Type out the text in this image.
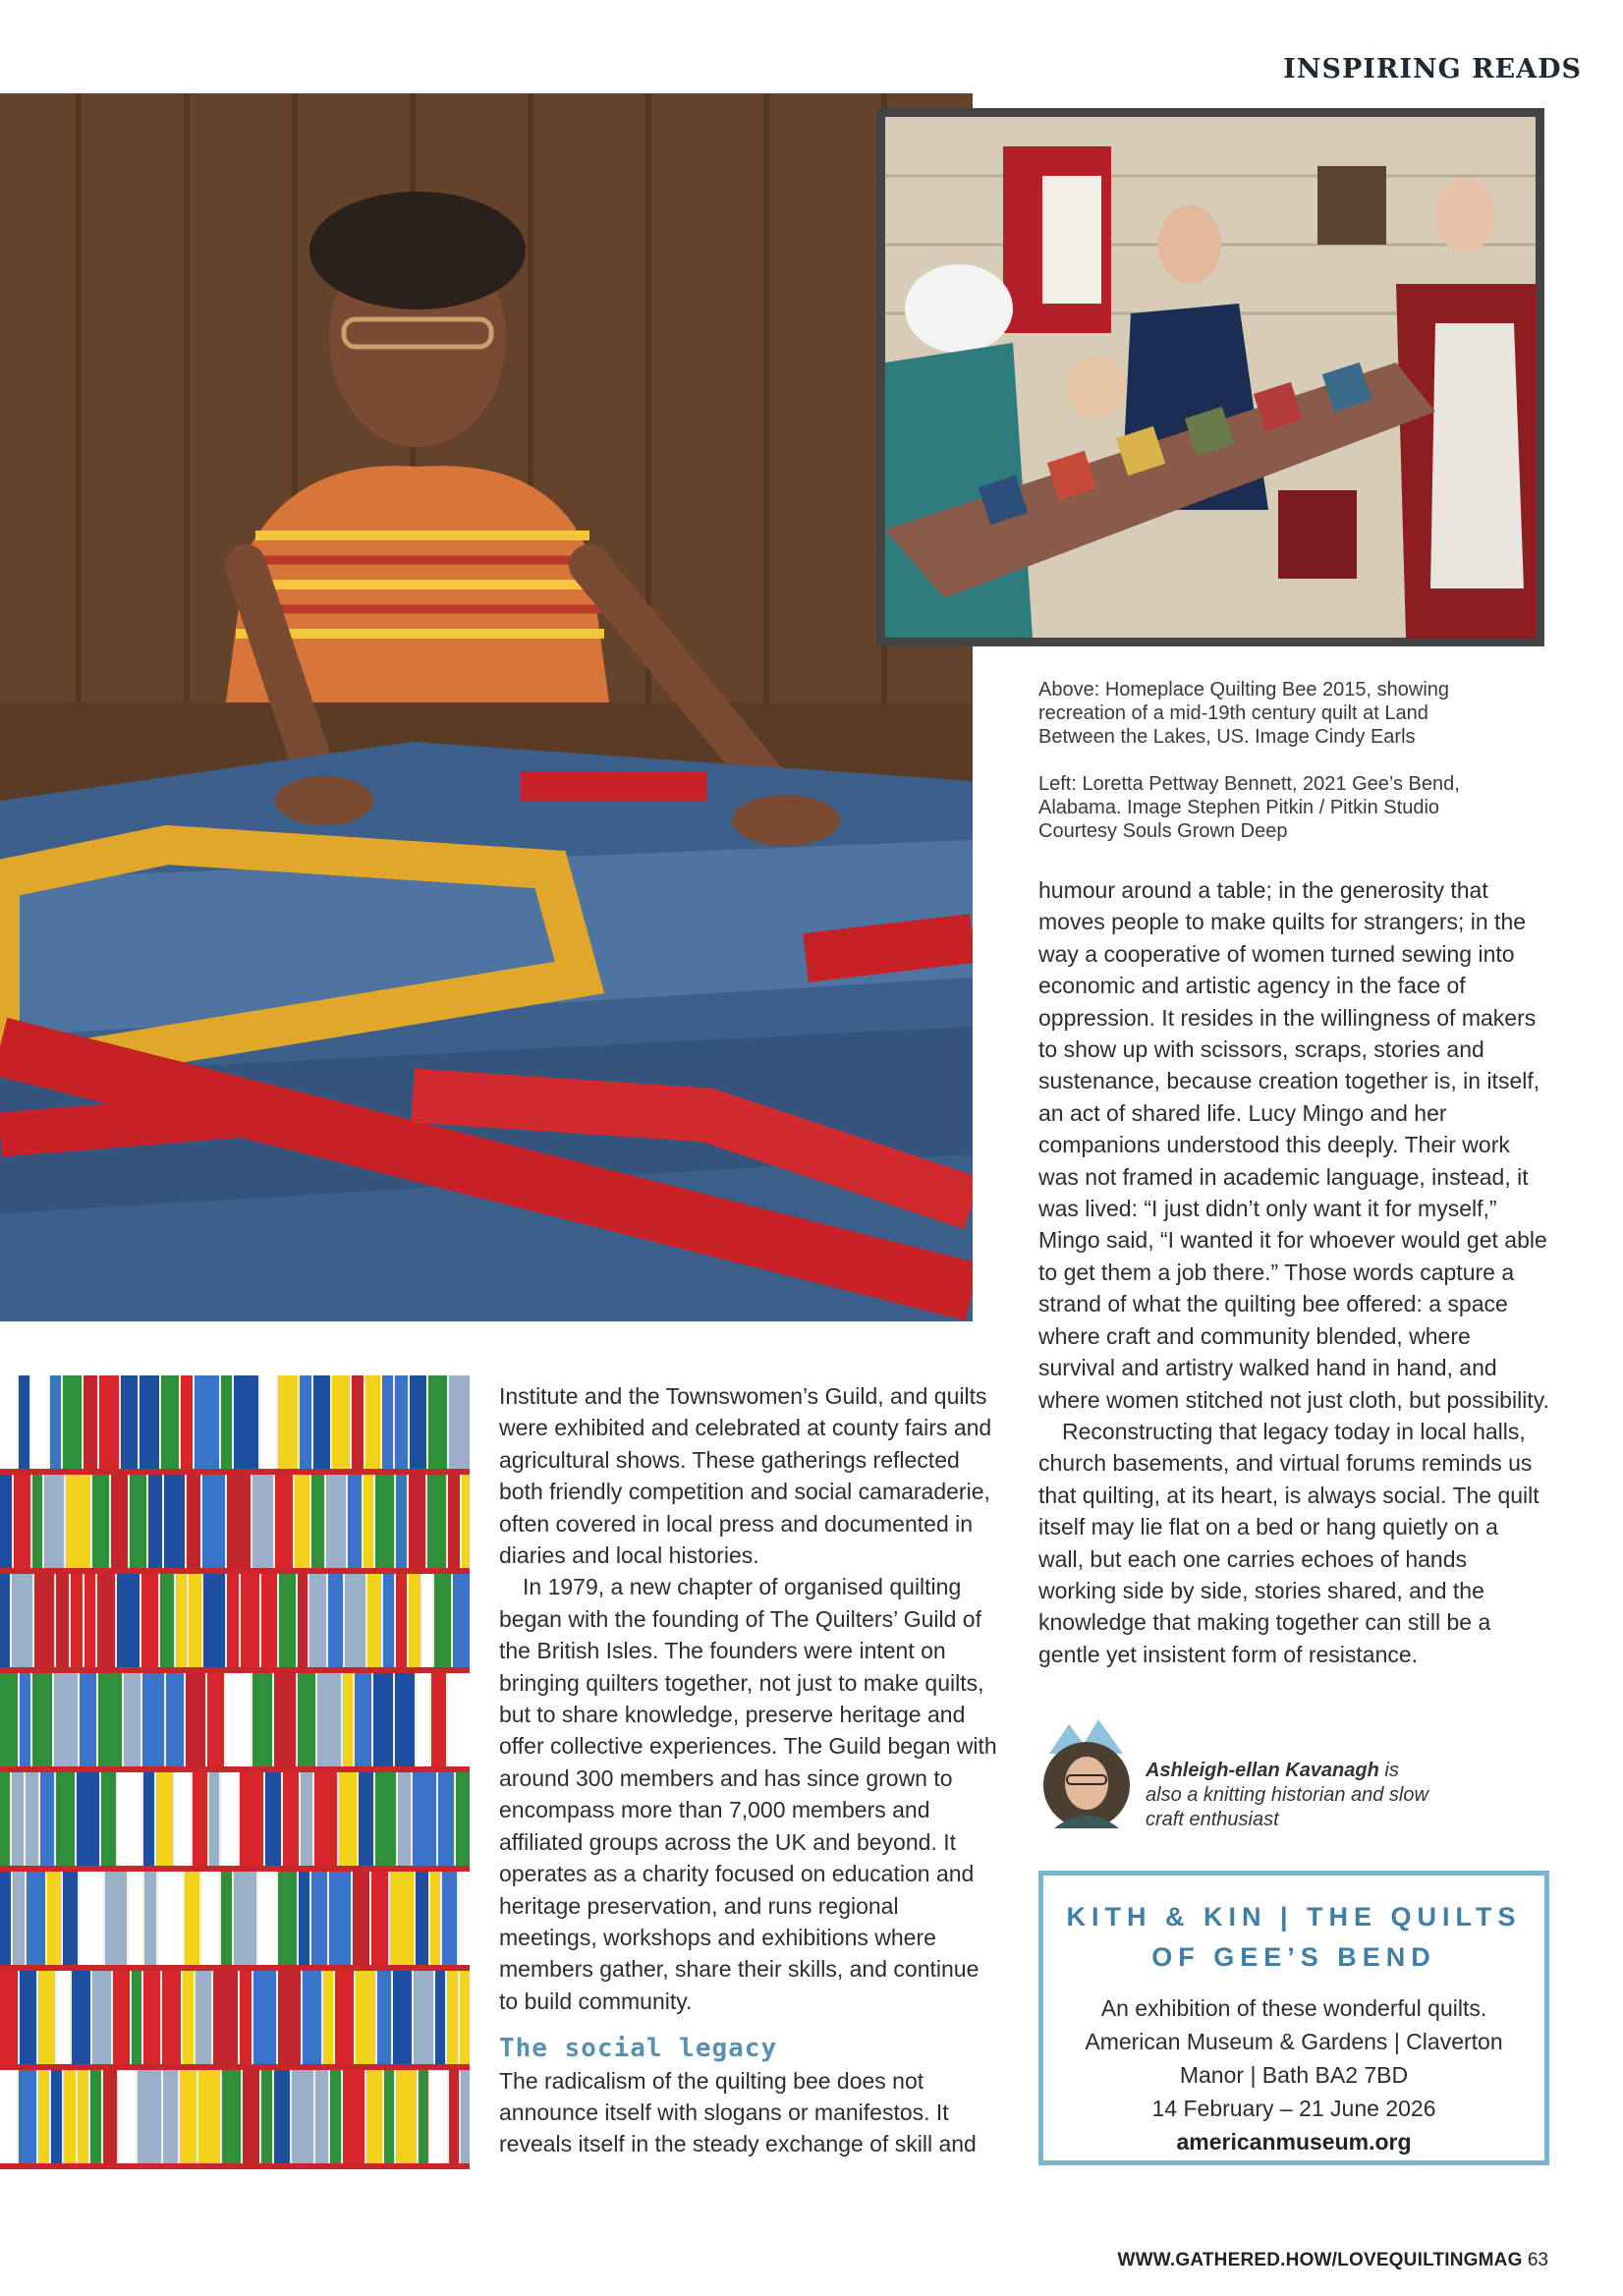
INSPIRING READS
Above: Homeplace Quilting Bee 2015, showing recreation of a mid-19th century quilt at Land Between the Lakes, US. Image Cindy Earls
Left: Loretta Pettway Bennett, 2021 Gee’s Bend, Alabama. Image Stephen Pitkin / Pitkin Studio Courtesy Souls Grown Deep

Institute and the Townswomen’s Guild, and quilts were exhibited and celebrated at county fairs and agricultural shows. These gatherings reflected both friendly competition and social camaraderie, often covered in local press and documented in diaries and local histories.

In 1979, a new chapter of organised quilting began with the founding of The Quilters’ Guild of the British Isles. The founders were intent on bringing quilters together, not just to make quilts, but to share knowledge, preserve heritage and offer collective experiences. The Guild began with around 300 members and has since grown to encompass more than 7,000 members and affiliated groups across the UK and beyond. It operates as a charity focused on education and heritage preservation, and runs regional meetings, workshops and exhibitions where members gather, share their skills, and continue to build community.

The social legacy

The radicalism of the quilting bee does not announce itself with slogans or manifestos. It reveals itself in the steady exchange of skill and

humour around a table; in the generosity that moves people to make quilts for strangers; in the way a cooperative of women turned sewing into economic and artistic agency in the face of oppression. It resides in the willingness of makers to show up with scissors, scraps, stories and sustenance, because creation together is, in itself, an act of shared life. Lucy Mingo and her companions understood this deeply. Their work was not framed in academic language, instead, it was lived: “I just didn’t only want it for myself,” Mingo said, “I wanted it for whoever would get able to get them a job there.” Those words capture a strand of what the quilting bee offered: a space where craft and community blended, where survival and artistry walked hand in hand, and where women stitched not just cloth, but possibility.

Reconstructing that legacy today in local halls, church basements, and virtual forums reminds us that quilting, at its heart, is always social. The quilt itself may lie flat on a bed or hang quietly on a wall, but each one carries echoes of hands working side by side, stories shared, and the knowledge that making together can still be a gentle yet insistent form of resistance.

Ashleigh-ellan Kavanagh is also a knitting historian and slow craft enthusiast
KITH & KIN | THE QUILTS
OF GEE’S BEND
An exhibition of these wonderful quilts.
American Museum & Gardens | Claverton
Manor | Bath BA2 7BD
14 February – 21 June 2026
americanmuseum.org
WWW.GATHERED.HOW/LOVEQUILTINGMAG 63
